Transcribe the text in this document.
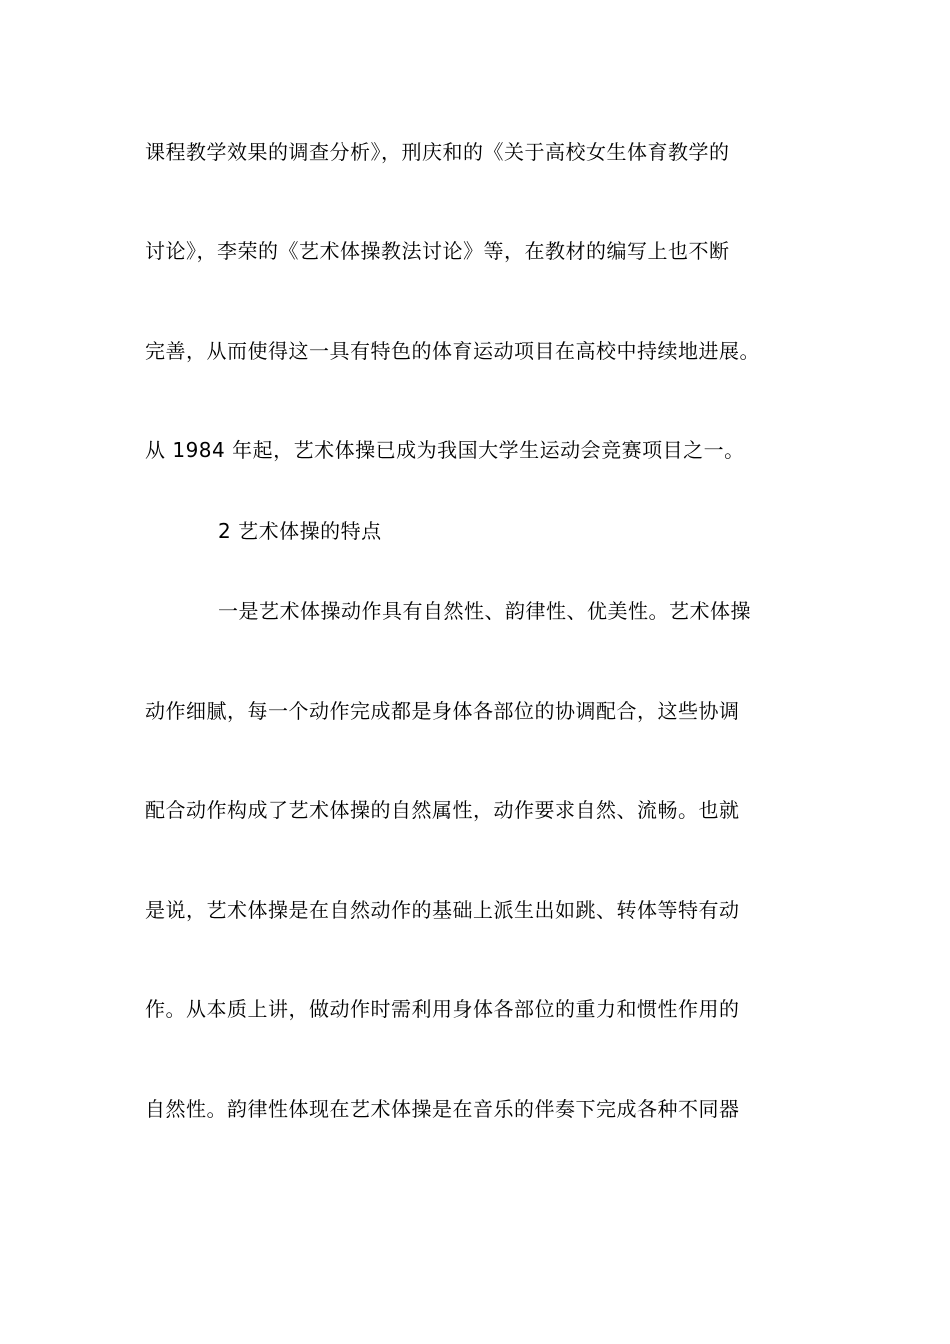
课程教学效果的调查分析》，刑庆和的《关于高校女生体育教学的
讨论》，李荣的《艺术体操教法讨论》等，在教材的编写上也不断
完善，从而使得这一具有特色的体育运动项目在高校中持续地进展。
从 1984 年起，艺术体操已成为我国大学生运动会竞赛项目之一。
2 艺术体操的特点
一是艺术体操动作具有自然性、韵律性、优美性。艺术体操
动作细腻，每一个动作完成都是身体各部位的协调配合，这些协调
配合动作构成了艺术体操的自然属性，动作要求自然、流畅。也就
是说，艺术体操是在自然动作的基础上派生出如跳、转体等特有动
作。从本质上讲，做动作时需利用身体各部位的重力和惯性作用的
自然性。韵律性体现在艺术体操是在音乐的伴奏下完成各种不同器
